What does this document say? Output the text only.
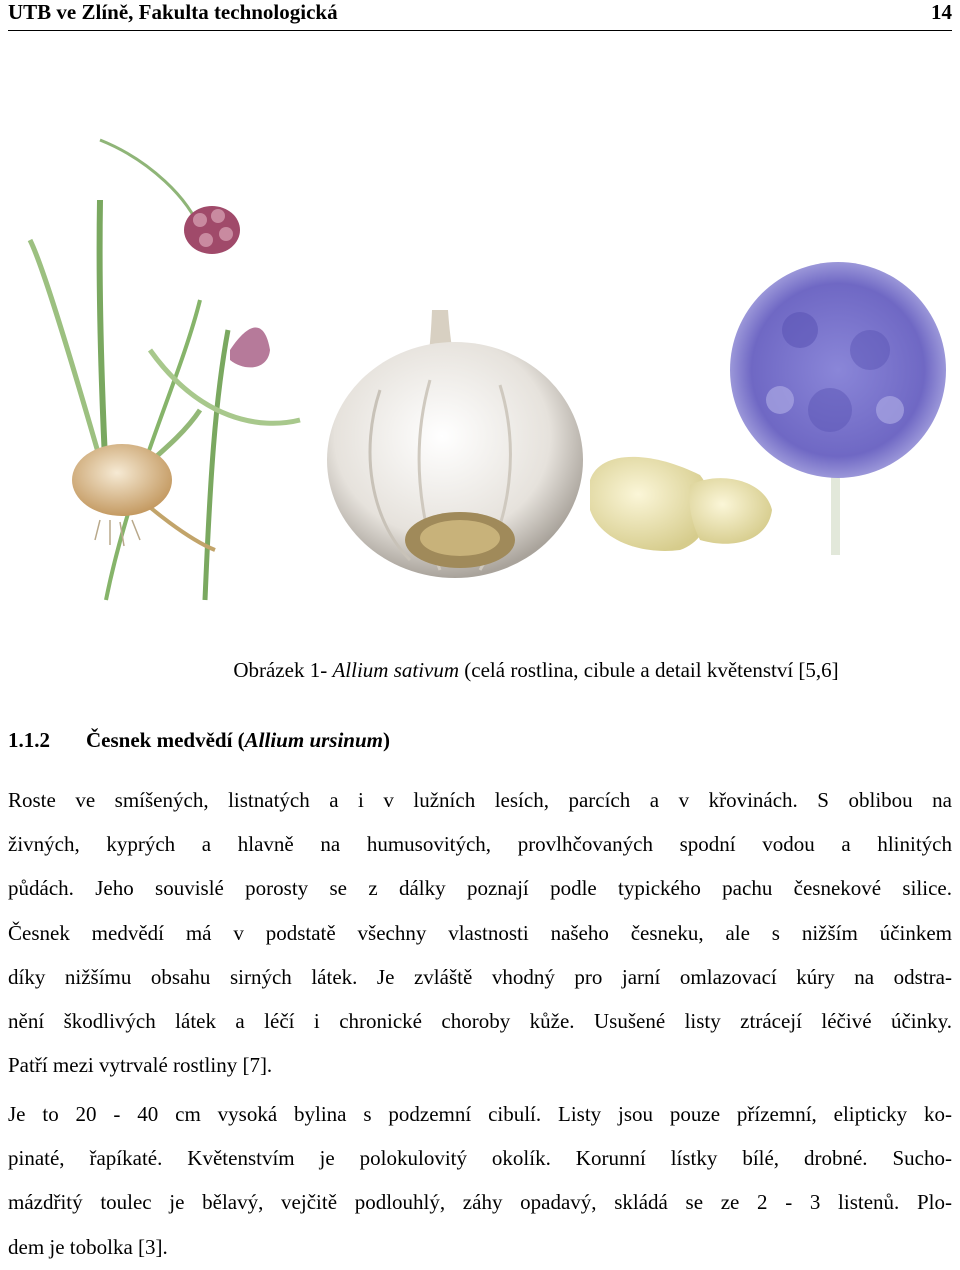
UTB ve Zlíně, Fakulta technologická	14
Obrázek 1- Allium sativum (celá rostlina, cibule a detail květenství [5,6]
1.1.2 Česnek medvědí (Allium ursinum)
Roste ve smíšených, listnatých a i v lužních lesích, parcích a v křovinách. S oblibou na
živných, kyprých a hlavně na humusovitých, provlhčovaných spodní vodou a hlinitých
půdách. Jeho souvislé porosty se z dálky poznají podle typického pachu česnekové silice.
Česnek medvědí má v podstatě všechny vlastnosti našeho česneku, ale s nižším účinkem
díky nižšímu obsahu sirných látek. Je zvláště vhodný pro jarní omlazovací kúry na odstra-
nění škodlivých látek a léčí i chronické choroby kůže. Usušené listy ztrácejí léčivé účinky.
Patří mezi vytrvalé rostliny [7].
Je to 20 - 40 cm vysoká bylina s podzemní cibulí. Listy jsou pouze přízemní, elipticky ko-
pinaté, řapíkaté. Květenstvím je polokulovitý okolík. Korunní lístky bílé, drobné. Sucho-
mázdřitý toulec je bělavý, vejčitě podlouhlý, záhy opadavý, skládá se ze 2 - 3 listenů. Plo-
dem je tobolka [3].
